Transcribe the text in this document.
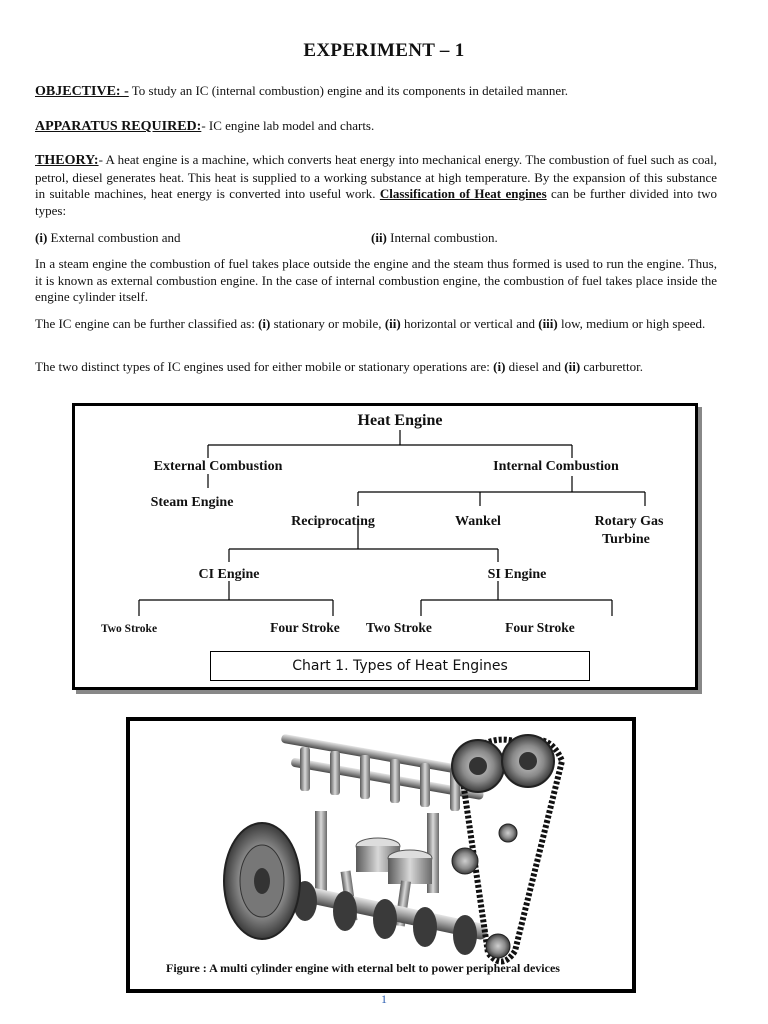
EXPERIMENT – 1
OBJECTIVE: - To study an IC (internal combustion) engine and its components in detailed manner.
APPARATUS REQUIRED:- IC engine lab model and charts.
THEORY:- A heat engine is a machine, which converts heat energy into mechanical energy. The combustion of fuel such as coal, petrol, diesel generates heat. This heat is supplied to a working substance at high temperature. By the expansion of this substance in suitable machines, heat energy is converted into useful work. Classification of Heat engines can be further divided into two types:
(i) External combustion and	(ii) Internal combustion.
In a steam engine the combustion of fuel takes place outside the engine and the steam thus formed is used to run the engine. Thus, it is known as external combustion engine. In the case of internal combustion engine, the combustion of fuel takes place inside the engine cylinder itself.
The IC engine can be further classified as: (i) stationary or mobile, (ii) horizontal or vertical and (iii) low, medium or high speed.
The two distinct types of IC engines used for either mobile or stationary operations are: (i) diesel and (ii) carburettor.
Heat Engine
External Combustion	Internal Combustion
Steam Engine
Reciprocating	Wankel	Rotary Gas
Turbine
CI Engine	SI Engine
Two Stroke	Four Stroke Two Stroke	Four Stroke
Chart 1. Types of Heat Engines
Figure : A multi cylinder engine with eternal belt to power peripheral devices
1
